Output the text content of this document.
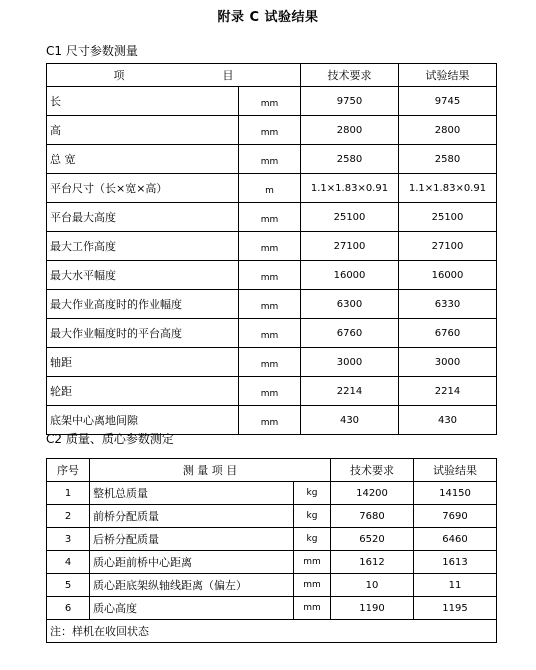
附录 C 试验结果
C1 尺寸参数测量
项 目		技术要求	试验结果
长	mm	9750	9745
高	mm	2800	2800
总 宽	mm	2580	2580
平台尺寸（长×宽×高）	m	1.1×1.83×0.91	1.1×1.83×0.91
平台最大高度	mm	25100	25100
最大工作高度	mm	27100	27100
最大水平幅度	mm	16000	16000
最大作业高度时的作业幅度	mm	6300	6330
最大作业幅度时的平台高度	mm	6760	6760
轴距	mm	3000	3000
轮距	mm	2214	2214
底架中心离地间隙	mm	430	430
C2 质量、质心参数测定
序号	测 量 项 目		技术要求	试验结果
1	整机总质量	kg	14200	14150
2	前桥分配质量	kg	7680	7690
3	后桥分配质量	kg	6520	6460
4	质心距前桥中心距离	mm	1612	1613
5	质心距底架纵轴线距离（偏左）	mm	10	11
6	质心高度	mm	1190	1195
注：样机在收回状态				
